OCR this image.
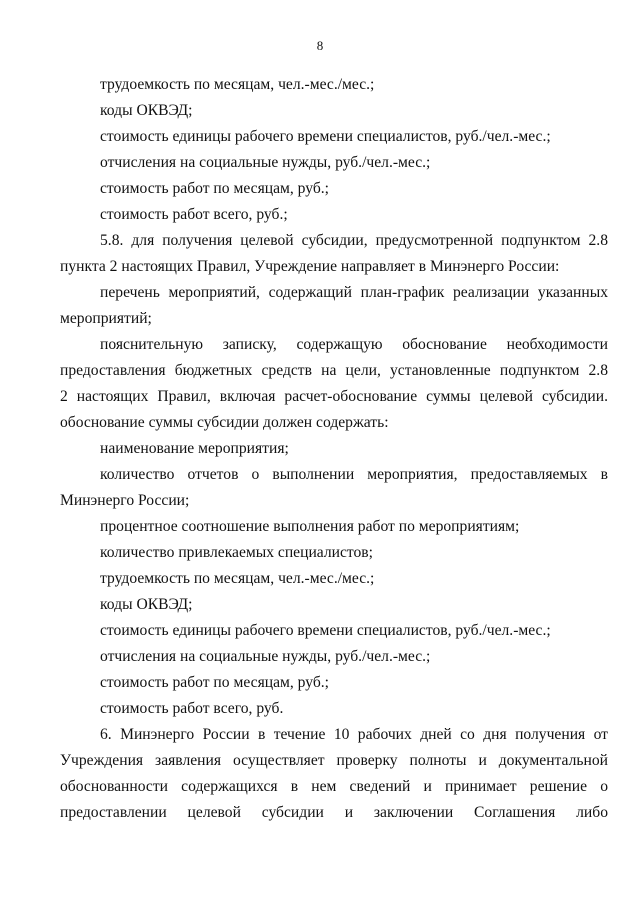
8
трудоемкость по месяцам, чел.-мес./мес.;
коды ОКВЭД;
стоимость единицы рабочего времени специалистов, руб./чел.-мес.;
отчисления на социальные нужды, руб./чел.-мес.;
стоимость работ по месяцам, руб.;
стоимость работ всего, руб.;
5.8. для получения целевой субсидии, предусмотренной подпунктом 2.8
пункта 2 настоящих Правил, Учреждение направляет в Минэнерго России:
перечень мероприятий, содержащий план-график реализации указанных
мероприятий;
пояснительную записку, содержащую обоснование необходимости
предоставления бюджетных средств на цели, установленные подпунктом 2.8
2 настоящих Правил, включая расчет-обоснование суммы целевой субсидии.
обоснование суммы субсидии должен содержать:
наименование мероприятия;
количество отчетов о выполнении мероприятия, предоставляемых в
Минэнерго России;
процентное соотношение выполнения работ по мероприятиям;
количество привлекаемых специалистов;
трудоемкость по месяцам, чел.-мес./мес.;
коды ОКВЭД;
стоимость единицы рабочего времени специалистов, руб./чел.-мес.;
отчисления на социальные нужды, руб./чел.-мес.;
стоимость работ по месяцам, руб.;
стоимость работ всего, руб.
6. Минэнерго России в течение 10 рабочих дней со дня получения от
Учреждения заявления осуществляет проверку полноты и документальной
обоснованности содержащихся в нем сведений и принимает решение о
предоставлении целевой субсидии и заключении Соглашения либо
